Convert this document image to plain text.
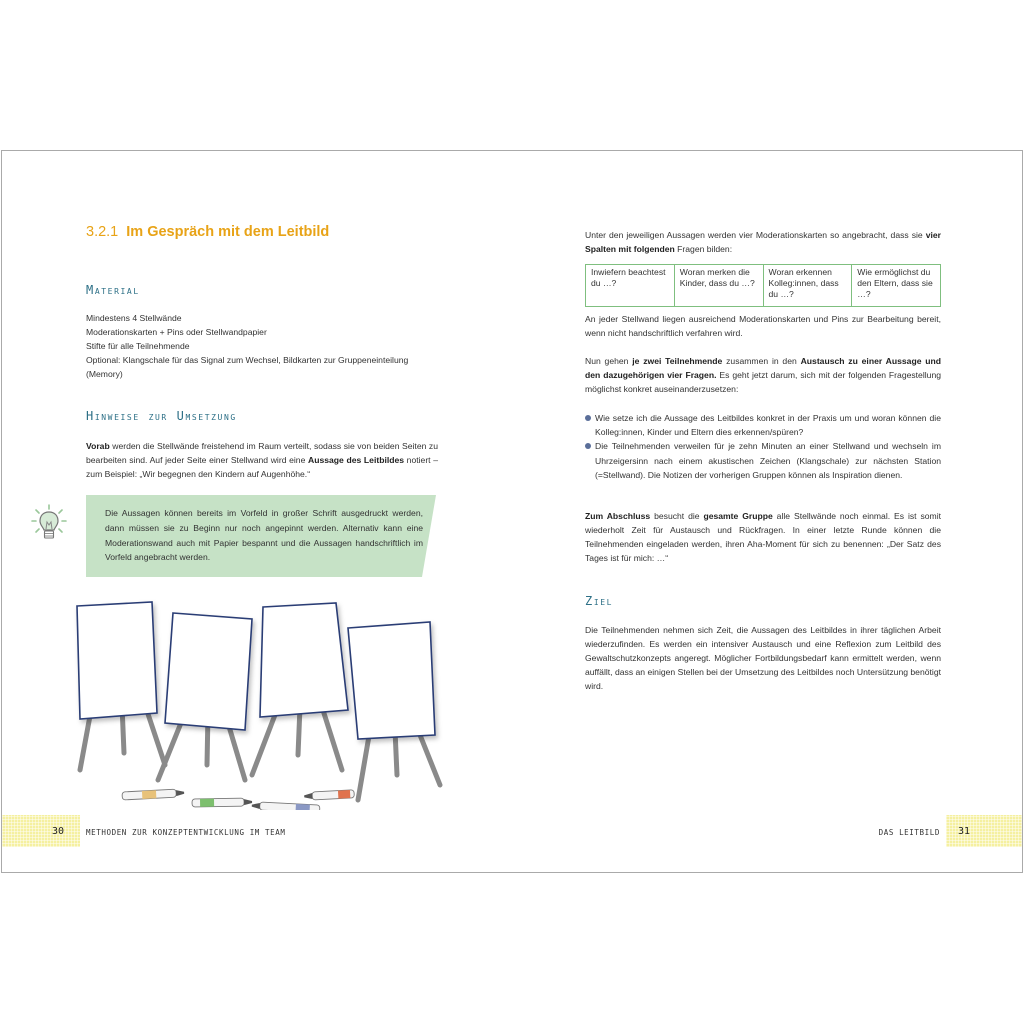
3.2.1 Im Gespräch mit dem Leitbild
Material

Mindestens 4 Stellwände

Moderationskarten + Pins oder Stellwandpapier

Stifte für alle Teilnehmende

Optional: Klangschale für das Signal zum Wechsel, Bildkarten zur Gruppeneinteilung (Memory)

Hinweise zur Umsetzung

Vorab werden die Stellwände freistehend im Raum verteilt, sodass sie von beiden Seiten zu bearbeiten sind. Auf jeder Seite einer Stellwand wird eine Aussage des Leitbildes notiert – zum Beispiel: „Wir begegnen den Kindern auf Augenhöhe.“

Die Aussagen können bereits im Vorfeld in großer Schrift ausgedruckt werden, dann müssen sie zu Beginn nur noch angepinnt werden. Alternativ kann eine Moderationswand auch mit Papier bespannt und die Aussagen handschriftlich im Vorfeld angebracht werden.

Unter den jeweiligen Aussagen werden vier Moderationskarten so angebracht, dass sie vier Spalten mit folgenden Fragen bilden:

Inwiefern beachtest du …?	Woran merken die Kinder, dass du …?	Woran erkennen Kolleg:innen, dass du …?	Wie ermöglichst du den Eltern, dass sie …?

An jeder Stellwand liegen ausreichend Moderationskarten und Pins zur Bearbeitung bereit, wenn nicht handschriftlich verfahren wird.

Nun gehen je zwei Teilnehmende zusammen in den Austausch zu einer Aussage und den dazugehörigen vier Fragen. Es geht jetzt darum, sich mit der folgenden Fragestellung möglichst konkret auseinanderzusetzen:

Wie setze ich die Aussage des Leitbildes konkret in der Praxis um und woran können die Kolleg:innen, Kinder und Eltern dies erkennen/spüren?
Die Teilnehmenden verweilen für je zehn Minuten an einer Stellwand und wechseln im Uhrzeigersinn nach einem akustischen Zeichen (Klangschale) zur nächsten Station (=Stellwand). Die Notizen der vorherigen Gruppen können als Inspiration dienen.

Zum Abschluss besucht die gesamte Gruppe alle Stellwände noch einmal. Es ist somit wiederholt Zeit für Austausch und Rückfragen. In einer letzte Runde können die Teilnehmenden eingeladen werden, ihren Aha-Moment für sich zu benennen: „Der Satz des Tages ist für mich: …“

Ziel

Die Teilnehmenden nehmen sich Zeit, die Aussagen des Leitbildes in ihrer täglichen Arbeit wiederzufinden. Es werden ein intensiver Austausch und eine Reflexion zum Leitbild des Gewaltschutzkonzepts angeregt. Möglicher Fortbildungsbedarf kann ermittelt werden, wenn auffällt, dass an einigen Stellen bei der Umsetzung des Leitbildes noch Untersützung benötigt wird.

30	METHODEN ZUR KONZEPTENTWICKLUNG IM TEAM	DAS LEITBILD 31
